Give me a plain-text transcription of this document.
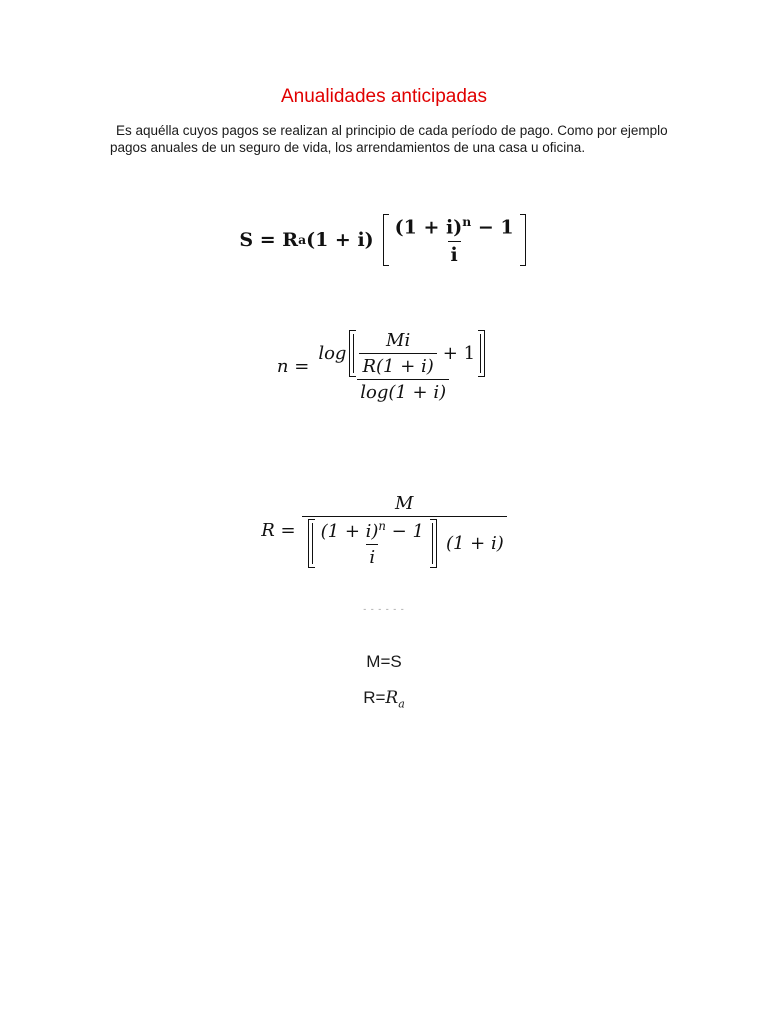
Anualidades anticipadas
Es aquélla cuyos pagos se realizan al principio de cada período de pago. Como por ejemplo
pagos anuales de un seguro de vida, los arrendamientos de una casa u oficina.
S = R a $(1 + i) \frac{(1 + i)^n - 1}{i}$
n =
$\log \frac{Mi}{R(1 + i)} + 1$
log(1 + i)
R =
M
$\frac{(1 + i)^n - 1}{i} (1 + i)$
- - - - - -
M=S
$R=R_a$
